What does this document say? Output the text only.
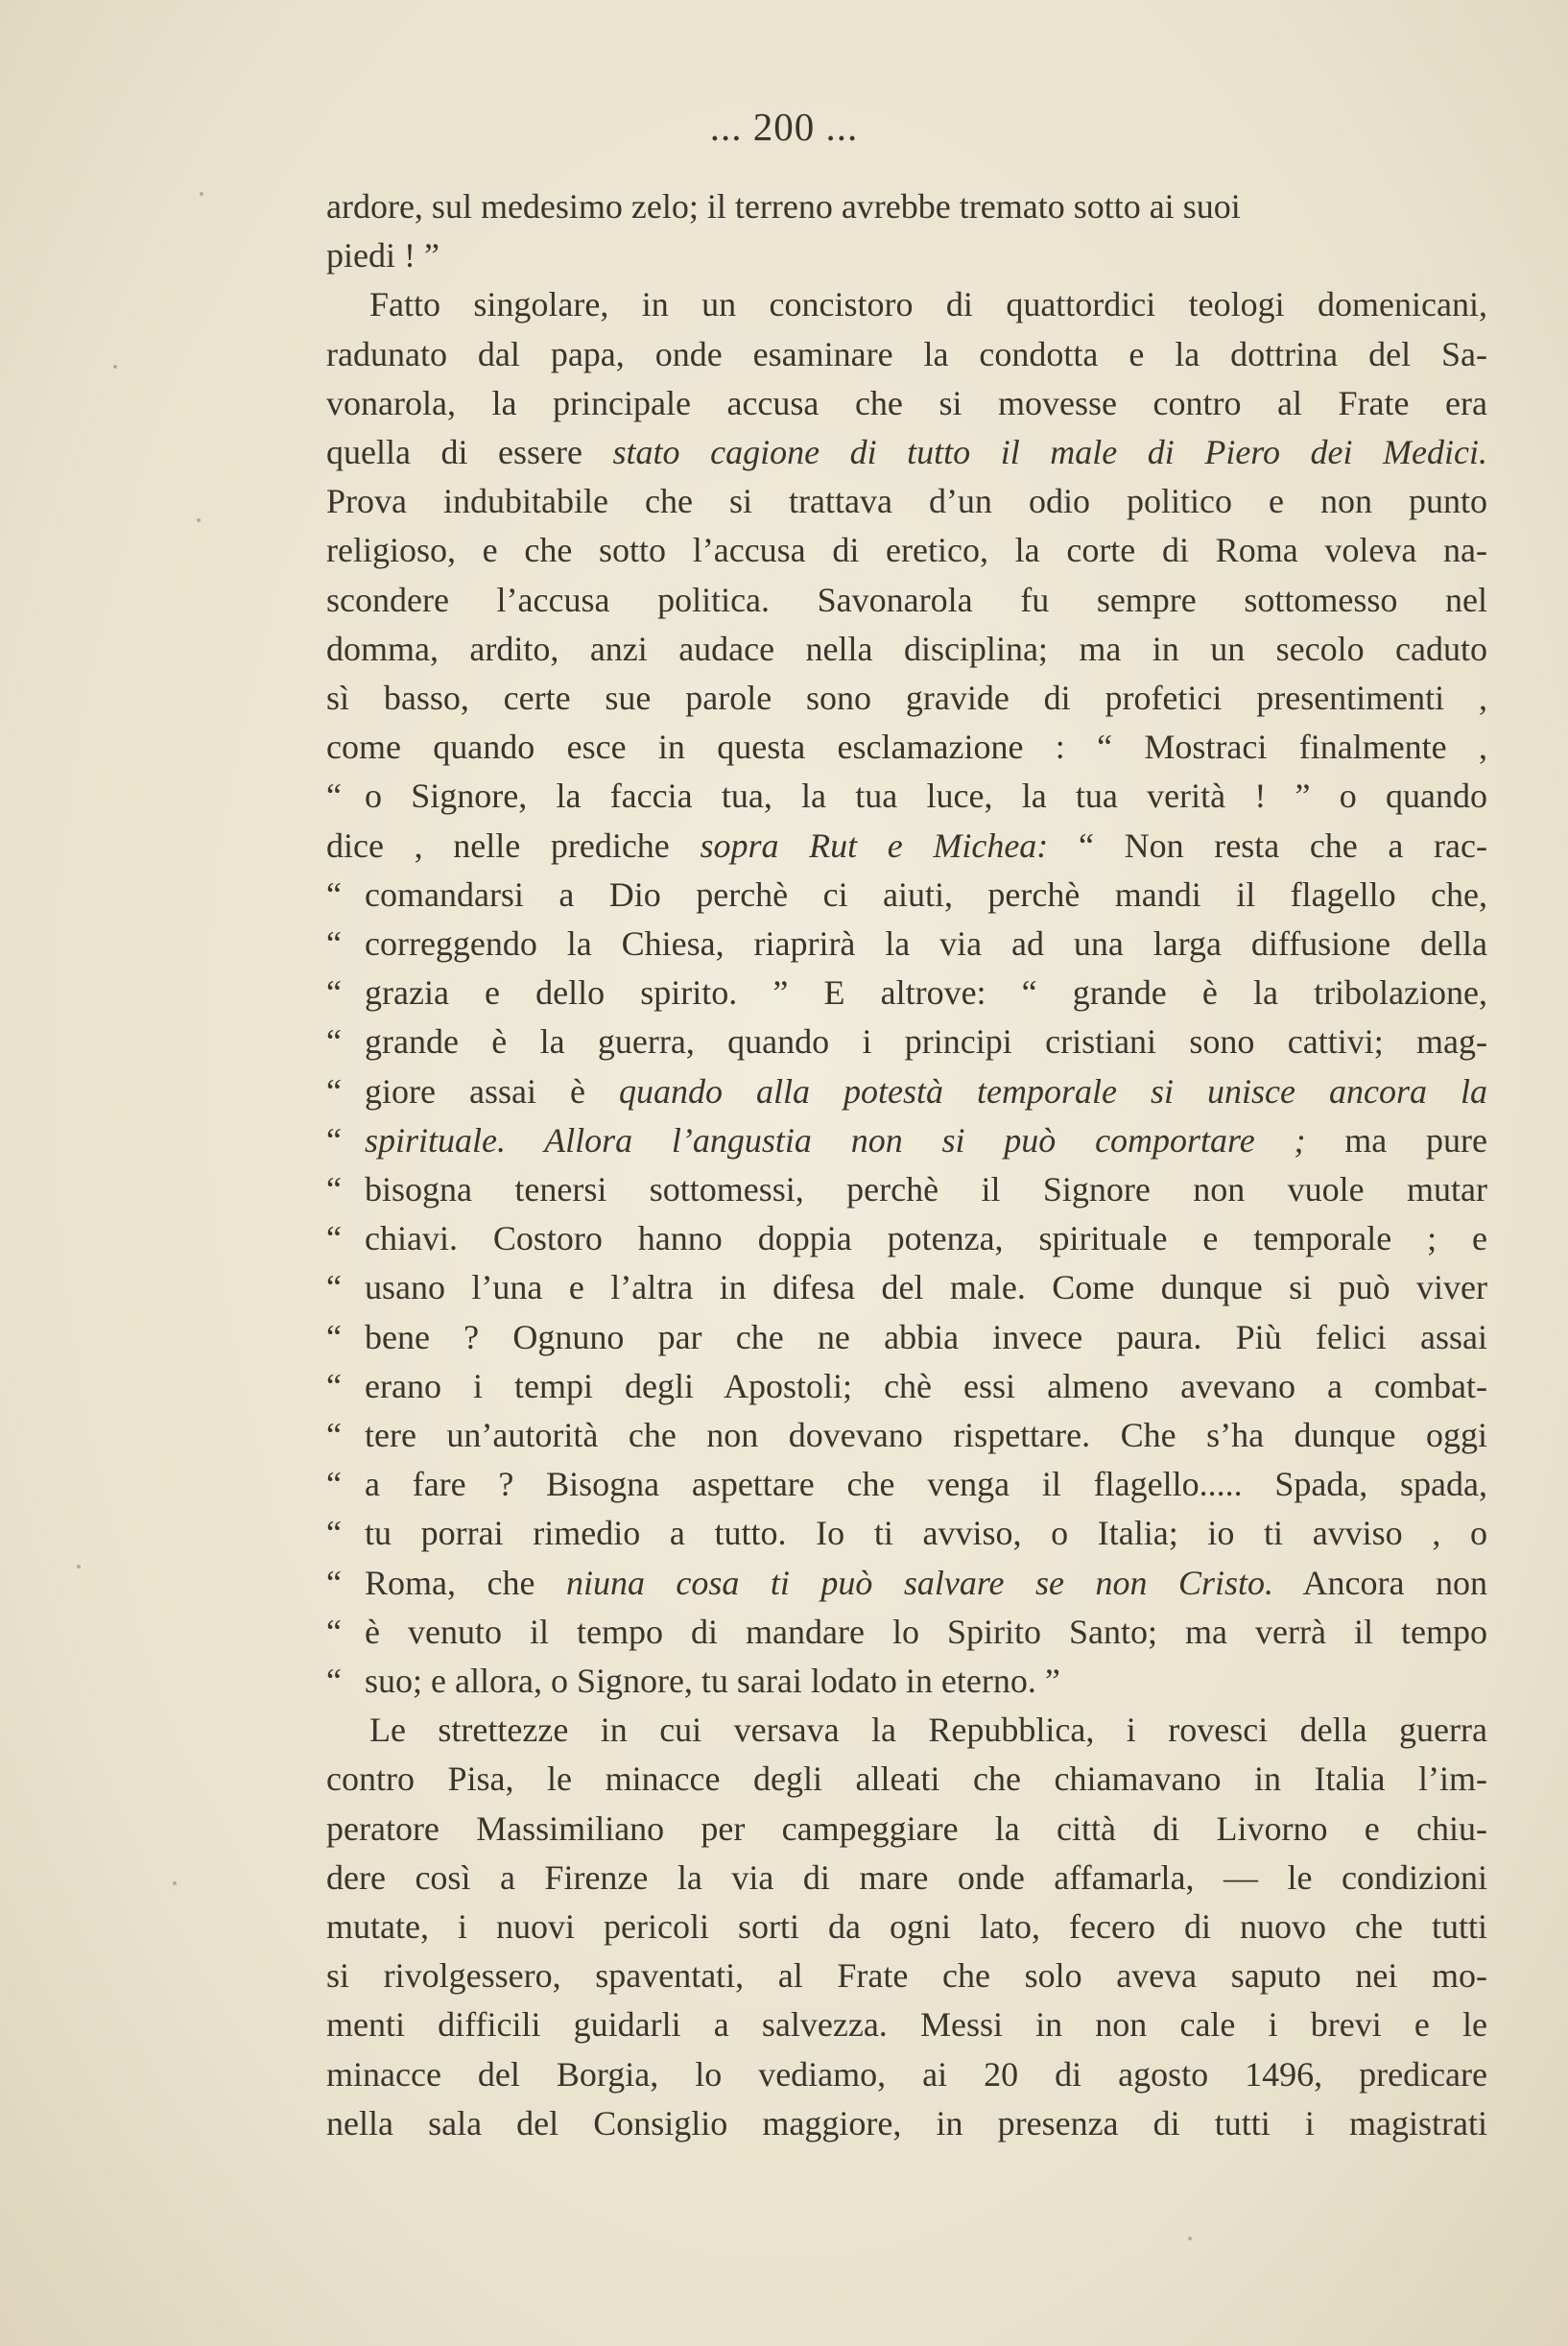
... 200 ...
ardore, sul medesimo zelo; il terreno avrebbe tremato sotto ai suoi
piedi ! ”
Fatto singolare, in un concistoro di quattordici teologi domenicani,
radunato dal papa, onde esaminare la condotta e la dottrina del Sa-
vonarola, la principale accusa che si movesse contro al Frate era
quella di essere stato cagione di tutto il male di Piero dei Medici.
Prova indubitabile che si trattava d’un odio politico e non punto
religioso, e che sotto l’accusa di eretico, la corte di Roma voleva na-
scondere l’accusa politica. Savonarola fu sempre sottomesso nel
domma, ardito, anzi audace nella disciplina; ma in un secolo caduto
sì basso, certe sue parole sono gravide di profetici presentimenti ,
come quando esce in questa esclamazione : “ Mostraci finalmente ,
“ o Signore, la faccia tua, la tua luce, la tua verità ! ” o quando
dice , nelle prediche sopra Rut e Michea: “ Non resta che a rac-
“ comandarsi a Dio perchè ci aiuti, perchè mandi il flagello che,
“ correggendo la Chiesa, riaprirà la via ad una larga diffusione della
“ grazia e dello spirito. ” E altrove: “ grande è la tribolazione,
“ grande è la guerra, quando i principi cristiani sono cattivi; mag-
“ giore assai è quando alla potestà temporale si unisce ancora la
“ spirituale. Allora l’angustia non si può comportare ; ma pure
“ bisogna tenersi sottomessi, perchè il Signore non vuole mutar
“ chiavi. Costoro hanno doppia potenza, spirituale e temporale ; e
“ usano l’una e l’altra in difesa del male. Come dunque si può viver
“ bene ? Ognuno par che ne abbia invece paura. Più felici assai
“ erano i tempi degli Apostoli; chè essi almeno avevano a combat-
“ tere un’autorità che non dovevano rispettare. Che s’ha dunque oggi
“ a fare ? Bisogna aspettare che venga il flagello..... Spada, spada,
“ tu porrai rimedio a tutto. Io ti avviso, o Italia; io ti avviso , o
“ Roma, che niuna cosa ti può salvare se non Cristo. Ancora non
“ è venuto il tempo di mandare lo Spirito Santo; ma verrà il tempo
“ suo; e allora, o Signore, tu sarai lodato in eterno. ”
Le strettezze in cui versava la Repubblica, i rovesci della guerra
contro Pisa, le minacce degli alleati che chiamavano in Italia l’im-
peratore Massimiliano per campeggiare la città di Livorno e chiu-
dere così a Firenze la via di mare onde affamarla, — le condizioni
mutate, i nuovi pericoli sorti da ogni lato, fecero di nuovo che tutti
si rivolgessero, spaventati, al Frate che solo aveva saputo nei mo-
menti difficili guidarli a salvezza. Messi in non cale i brevi e le
minacce del Borgia, lo vediamo, ai 20 di agosto 1496, predicare
nella sala del Consiglio maggiore, in presenza di tutti i magistrati
